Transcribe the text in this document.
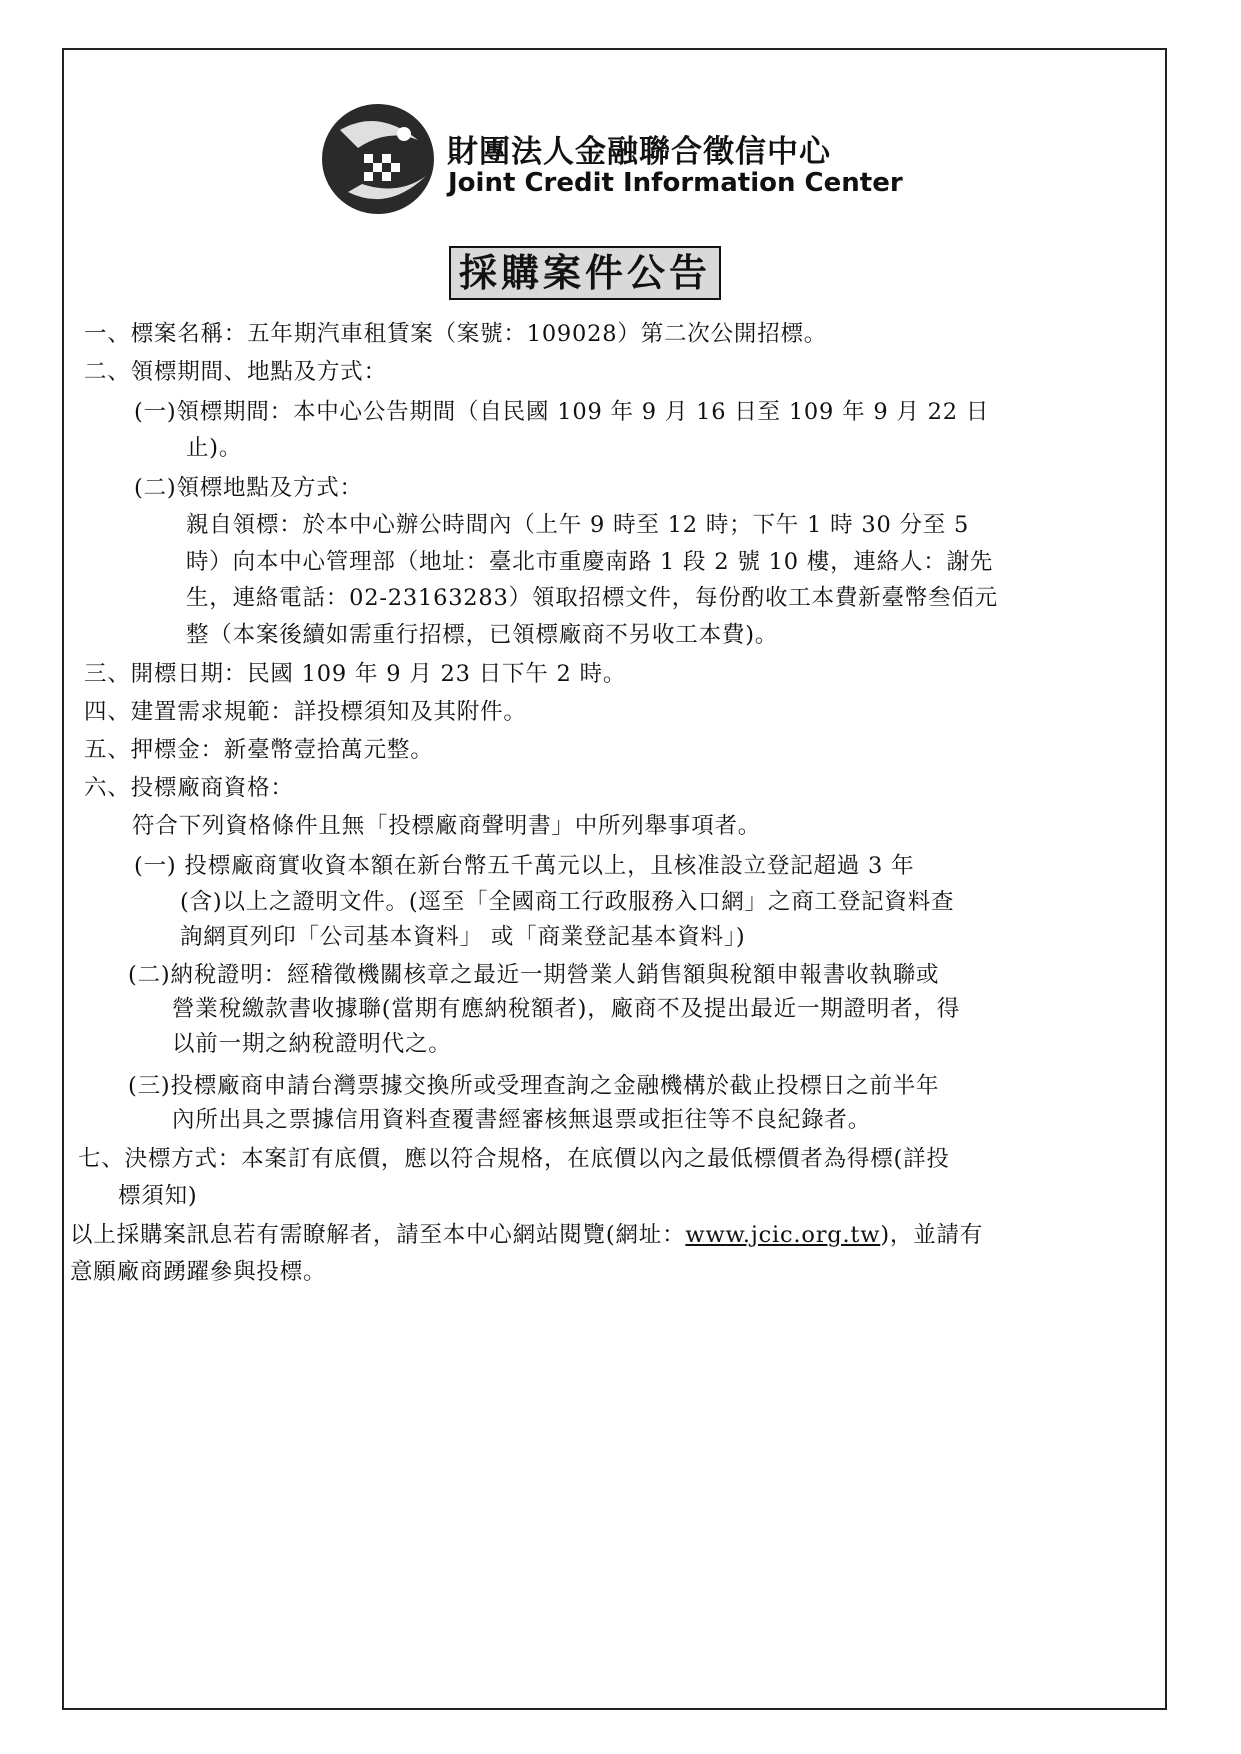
財團法人金融聯合徵信中心
Joint Credit Information Center
採購案件公告
一、標案名稱：五年期汽車租賃案（案號：109028）第二次公開招標。
二、領標期間、地點及方式：
(一)領標期間：本中心公告期間（自民國 109 年 9 月 16 日至 109 年 9 月 22 日
止)。
(二)領標地點及方式：
親自領標：於本中心辦公時間內（上午 9 時至 12 時；下午 1 時 30 分至 5
時）向本中心管理部（地址：臺北市重慶南路 1 段 2 號 10 樓，連絡人：謝先
生，連絡電話：02-23163283）領取招標文件，每份酌收工本費新臺幣叁佰元
整（本案後續如需重行招標，已領標廠商不另收工本費)。
三、開標日期：民國 109 年 9 月 23 日下午 2 時。
四、建置需求規範：詳投標須知及其附件。
五、押標金：新臺幣壹拾萬元整。
六、投標廠商資格：
符合下列資格條件且無「投標廠商聲明書」中所列舉事項者。
(一) 投標廠商實收資本額在新台幣五千萬元以上，且核准設立登記超過 3 年
(含)以上之證明文件。(逕至「全國商工行政服務入口網」之商工登記資料查
詢網頁列印「公司基本資料」 或「商業登記基本資料」)
(二)納稅證明：經稽徵機關核章之最近一期營業人銷售額與稅額申報書收執聯或
營業稅繳款書收據聯(當期有應納稅額者)，廠商不及提出最近一期證明者，得
以前一期之納稅證明代之。
(三)投標廠商申請台灣票據交換所或受理查詢之金融機構於截止投標日之前半年
內所出具之票據信用資料查覆書經審核無退票或拒往等不良紀錄者。
七、決標方式：本案訂有底價，應以符合規格，在底價以內之最低標價者為得標(詳投
標須知)
以上採購案訊息若有需瞭解者，請至本中心網站閱覽(網址：www.jcic.org.tw)，並請有
意願廠商踴躍參與投標。
